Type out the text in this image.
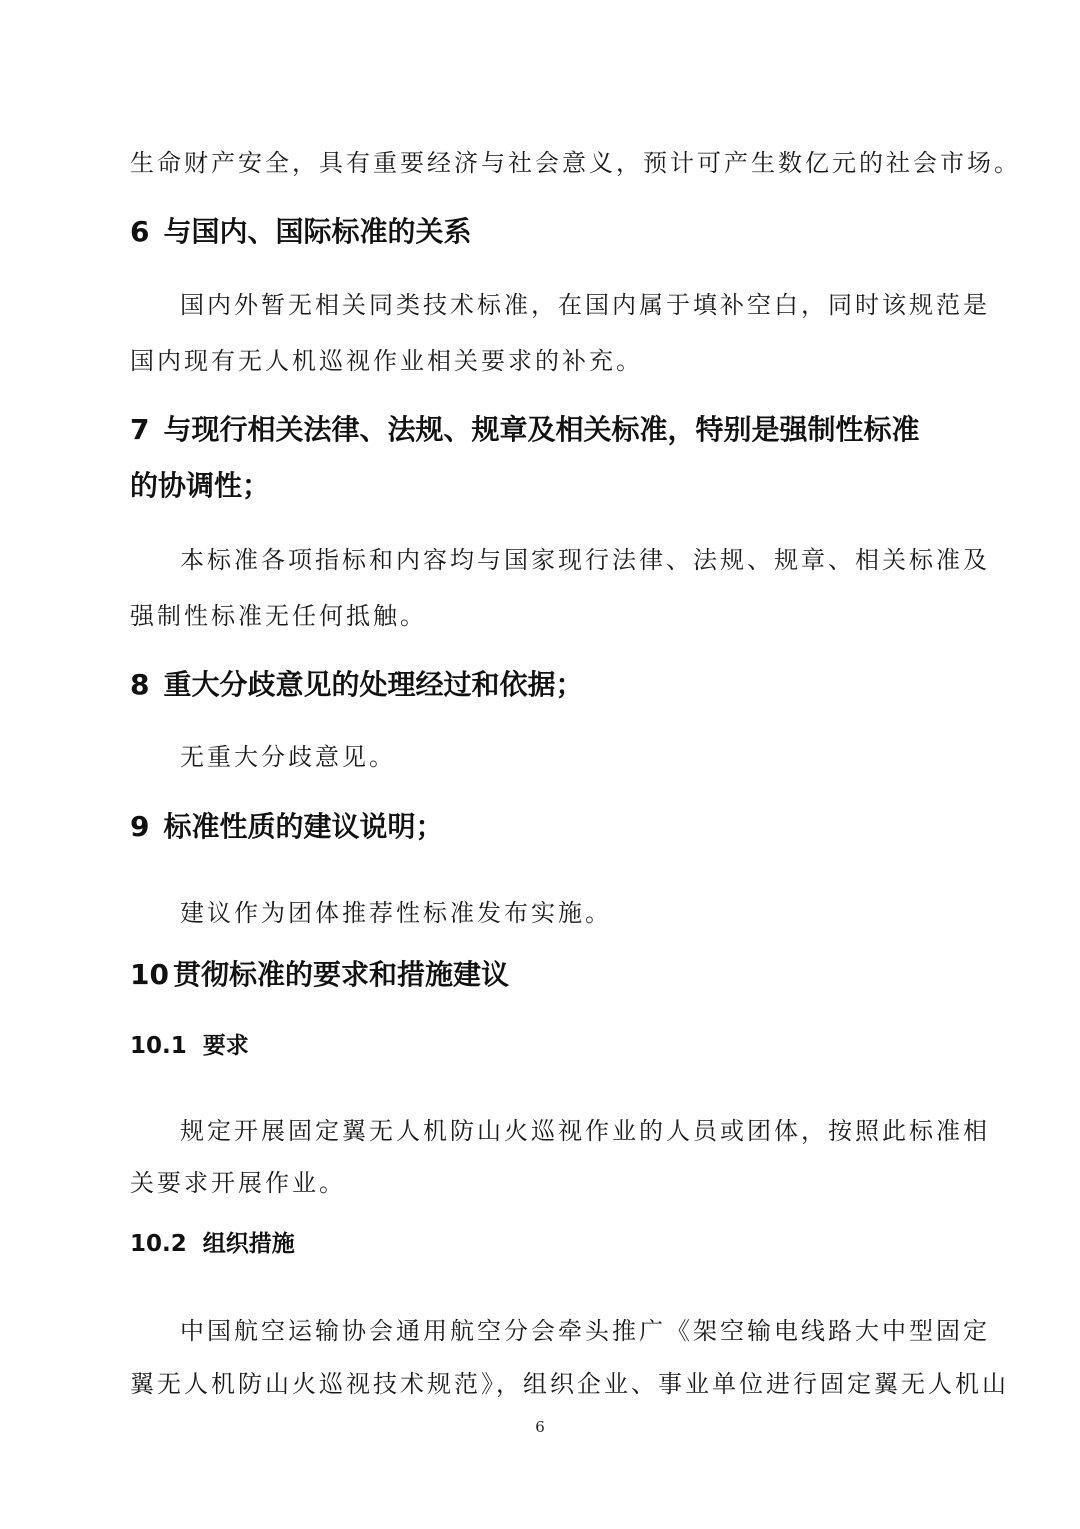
生命财产安全，具有重要经济与社会意义，预计可产生数亿元的社会市场。

6 与国内、国际标准的关系

国内外暂无相关同类技术标准，在国内属于填补空白，同时该规范是

国内现有无人机巡视作业相关要求的补充。

7 与现行相关法律、法规、规章及相关标准，特别是强制性标准
的协调性；

本标准各项指标和内容均与国家现行法律、法规、规章、相关标准及

强制性标准无任何抵触。

8 重大分歧意见的处理经过和依据；

无重大分歧意见。

9 标准性质的建议说明；

建议作为团体推荐性标准发布实施。

10 贯彻标准的要求和措施建议
10.1 要求

规定开展固定翼无人机防山火巡视作业的人员或团体，按照此标准相

关要求开展作业。

10.2 组织措施

中国航空运输协会通用航空分会牵头推广《架空输电线路大中型固定

翼无人机防山火巡视技术规范》，组织企业、事业单位进行固定翼无人机山

6
